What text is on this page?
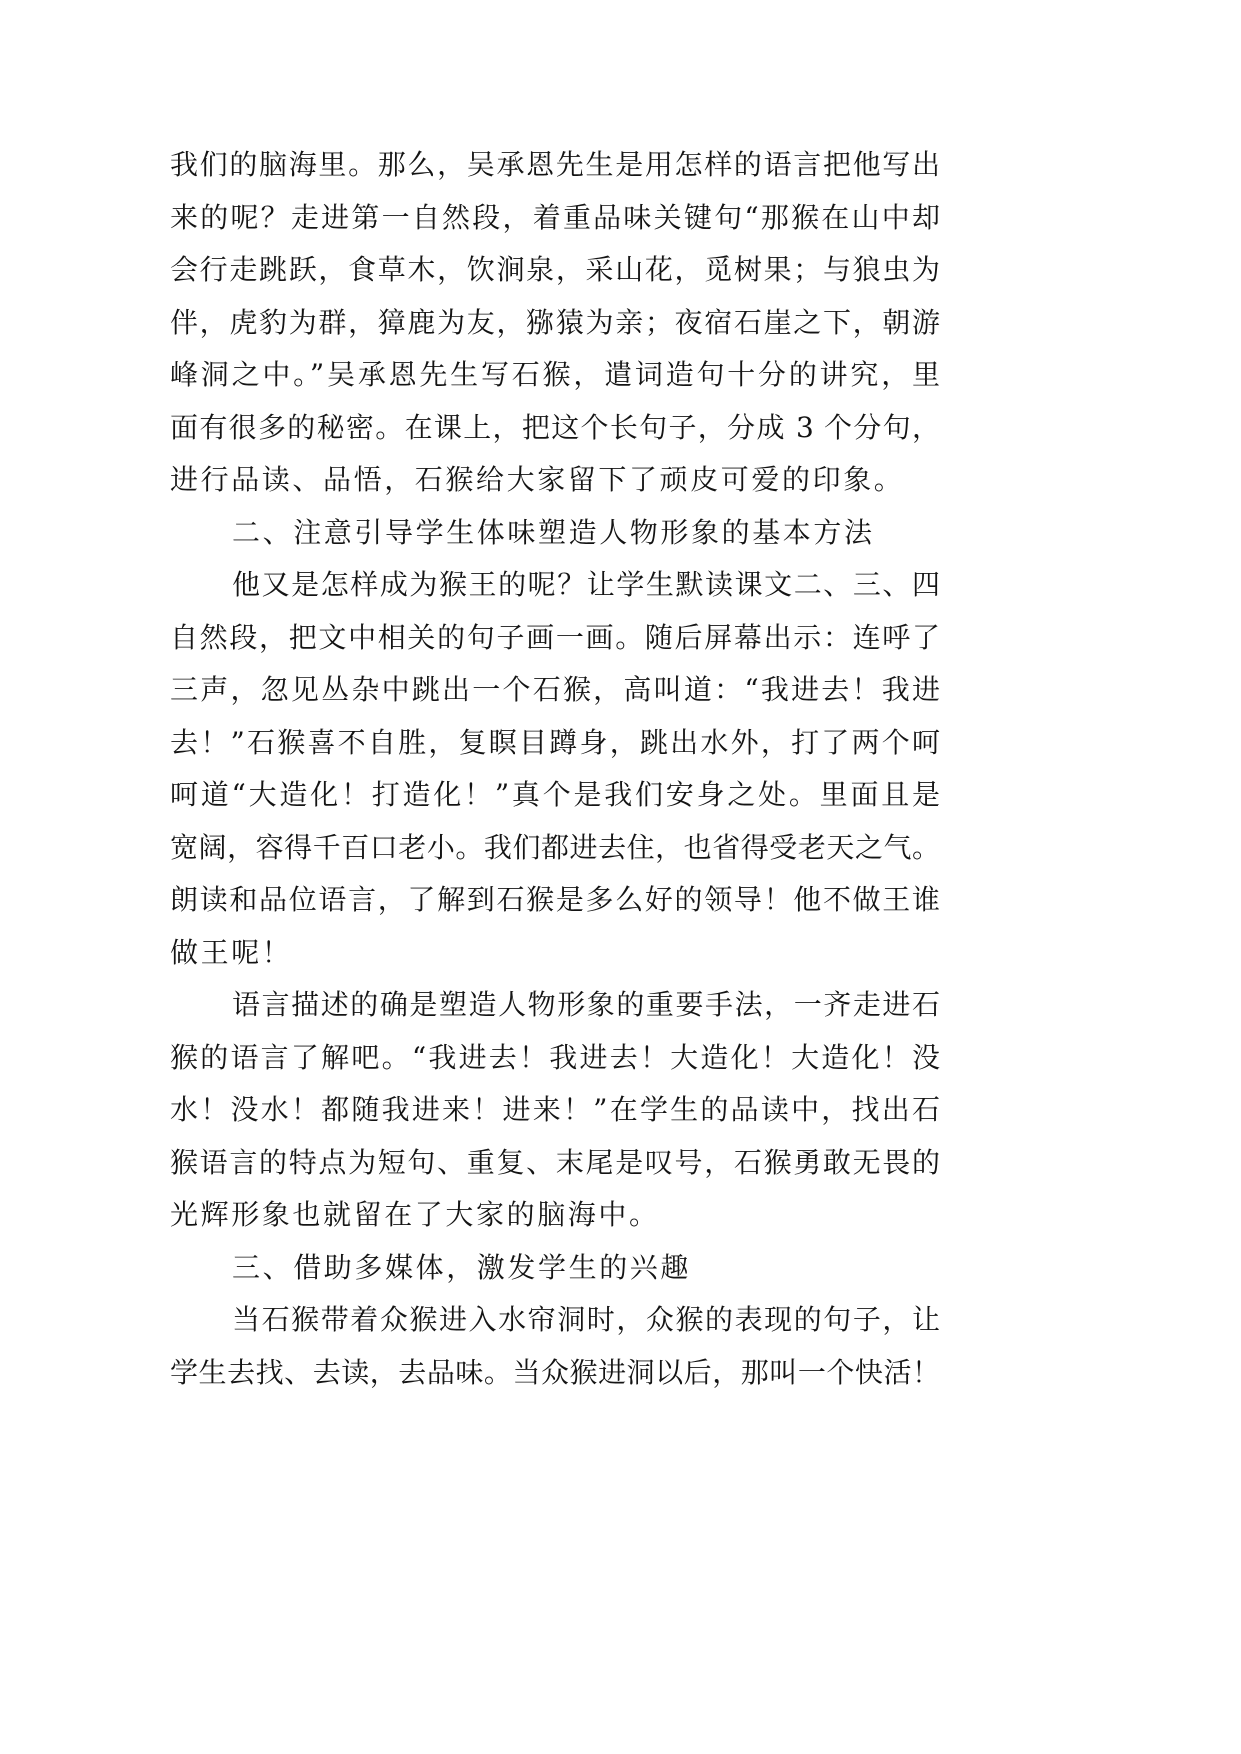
我们的脑海里。那么，吴承恩先生是用怎样的语言把他写出
来的呢？走进第一自然段，着重品味关键句“那猴在山中却
会行走跳跃，食草木，饮涧泉，采山花，觅树果；与狼虫为
伴，虎豹为群，獐鹿为友，猕猿为亲；夜宿石崖之下，朝游
峰洞之中。”吴承恩先生写石猴，遣词造句十分的讲究，里
面有很多的秘密。在课上，把这个长句子，分成 3 个分句，
进行品读、品悟，石猴给大家留下了顽皮可爱的印象。
二、注意引导学生体味塑造人物形象的基本方法
他又是怎样成为猴王的呢？让学生默读课文二、三、四
自然段，把文中相关的句子画一画。随后屏幕出示：连呼了
三声，忽见丛杂中跳出一个石猴，高叫道：“我进去！我进
去！”石猴喜不自胜，复瞑目蹲身，跳出水外，打了两个呵
呵道“大造化！打造化！”真个是我们安身之处。里面且是
宽阔，容得千百口老小。我们都进去住，也省得受老天之气。
朗读和品位语言，了解到石猴是多么好的领导！他不做王谁
做王呢！
语言描述的确是塑造人物形象的重要手法，一齐走进石
猴的语言了解吧。“我进去！我进去！大造化！大造化！没
水！没水！都随我进来！进来！”在学生的品读中，找出石
猴语言的特点为短句、重复、末尾是叹号，石猴勇敢无畏的
光辉形象也就留在了大家的脑海中。
三、借助多媒体，激发学生的兴趣
当石猴带着众猴进入水帘洞时，众猴的表现的句子，让
学生去找、去读，去品味。当众猴进洞以后，那叫一个快活！
